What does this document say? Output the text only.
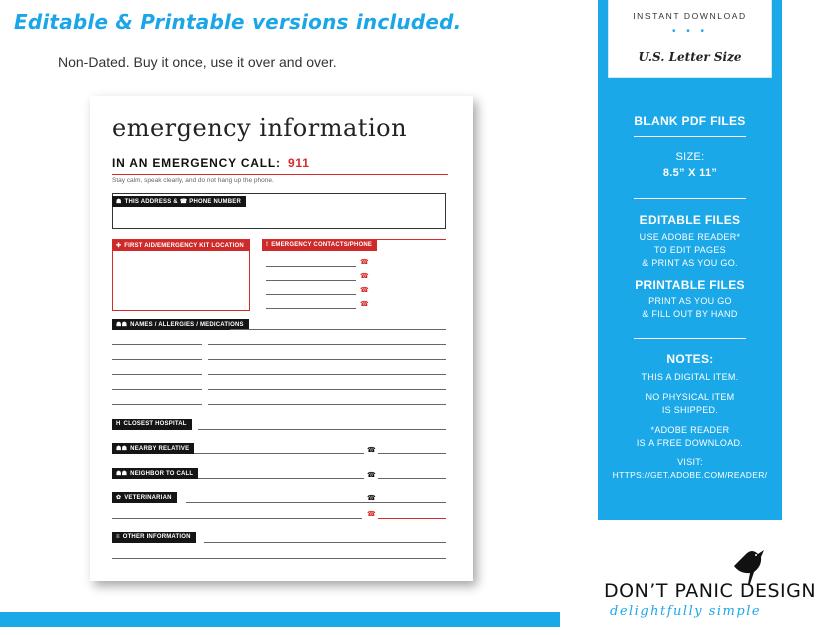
Editable & Printable versions included.
Non-Dated. Buy it once, use it over and over.
emergency information
IN AN EMERGENCY CALL: 911
Stay calm, speak clearly, and do not hang up the phone.
☗ THIS ADDRESS & ☎ PHONE NUMBER
✚ FIRST AID/EMERGENCY KIT LOCATION	! EMERGENCY CONTACTS/PHONE
☎
☎
☎
☎
☗☗ NAMES / ALLERGIES / MEDICATIONS
H CLOSEST HOSPITAL
☗☗ NEARBY RELATIVE	☎
☗☗ NEIGHBOR TO CALL	☎
✿ VETERINARIAN	☎
☎
≡ OTHER INFORMATION
INSTANT DOWNLOAD
• • •
U.S. Letter Size
BLANK PDF FILES
SIZE:
8.5” X 11”
EDITABLE FILES
USE ADOBE READER*
TO EDIT PAGES
& PRINT AS YOU GO.
PRINTABLE FILES
PRINT AS YOU GO
& FILL OUT BY HAND
NOTES:
THIS A DIGITAL ITEM.
NO PHYSICAL ITEM
IS SHIPPED.
*ADOBE READER
IS A FREE DOWNLOAD.
VISIT:
HTTPS://GET.ADOBE.COM/READER/
DON’T PANIC DESIGN
delightfully simple
